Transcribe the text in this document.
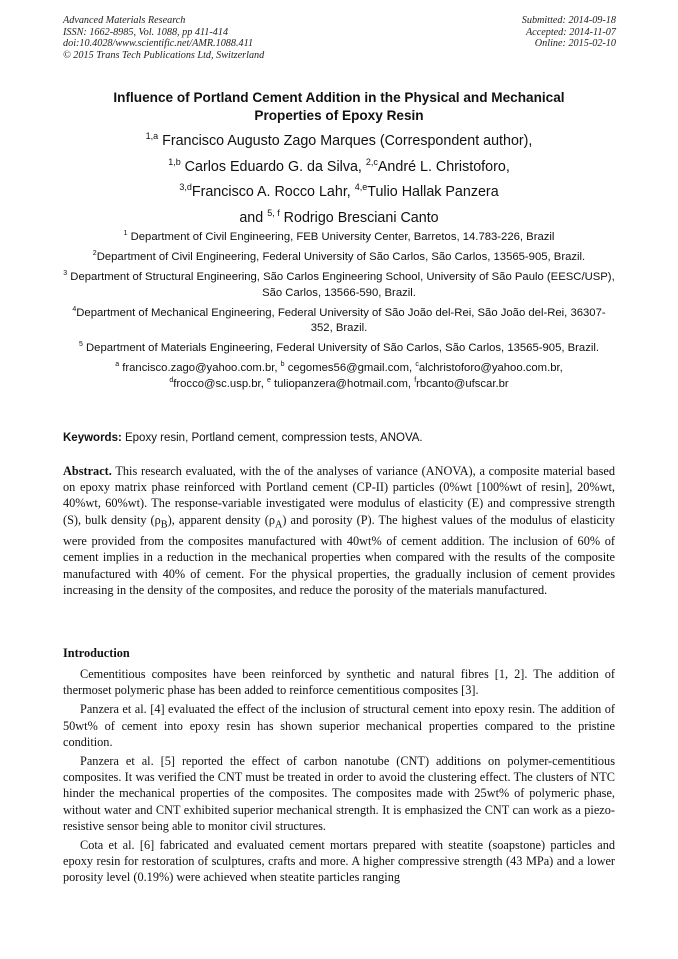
Advanced Materials Research
ISSN: 1662-8985, Vol. 1088, pp 411-414
doi:10.4028/www.scientific.net/AMR.1088.411
© 2015 Trans Tech Publications Ltd, Switzerland
Submitted: 2014-09-18
Accepted: 2014-11-07
Online: 2015-02-10
Influence of Portland Cement Addition in the Physical and Mechanical
Properties of Epoxy Resin
$^{1,a}$ Francisco Augusto Zago Marques (Correspondent author),
$^{1,b}$ Carlos Eduardo G. da Silva, $^{2,c}$André L. Christoforo,
$^{3,d}$Francisco A. Rocco Lahr, $^{4,e}$Tulio Hallak Panzera
and $^{5, f}$ Rodrigo Bresciani Canto
$^1$ Department of Civil Engineering, FEB University Center, Barretos, 14.783-226, Brazil
$^2$Department of Civil Engineering, Federal University of São Carlos, São Carlos, 13565-905, Brazil.
$^3$ Department of Structural Engineering, São Carlos Engineering School, University of São Paulo (EESC/USP), São Carlos, 13566-590, Brazil.
$^4$Department of Mechanical Engineering, Federal University of São João del-Rei, São João del-Rei, 36307-352, Brazil.
$^5$ Department of Materials Engineering, Federal University of São Carlos, São Carlos, 13565-905, Brazil.
$^a$ francisco.zago@yahoo.com.br, $^b$ cegomes56@gmail.com, $^c$alchristoforo@yahoo.com.br,
$^d$frocco@sc.usp.br, $^e$ tuliopanzera@hotmail.com, $^f$rbcanto@ufscar.br
Keywords: Epoxy resin, Portland cement, compression tests, ANOVA.
Abstract. This research evaluated, with the of the analyses of variance (ANOVA), a composite material based on epoxy matrix phase reinforced with Portland cement (CP-II) particles (0%wt [100%wt of resin], 20%wt, 40%wt, 60%wt). The response-variable investigated were modulus of elasticity (E) and compressive strength (S), bulk density $(\rho_B)$, apparent density $(\rho_A)$ and porosity (P). The highest values of the modulus of elasticity were provided from the composites manufactured with 40wt% of cement addition. The inclusion of 60% of cement implies in a reduction in the mechanical properties when compared with the results of the composite manufactured with 40% of cement. For the physical properties, the gradually inclusion of cement provides increasing in the density of the composites, and reduce the porosity of the materials manufactured.
Introduction

Cementitious composites have been reinforced by synthetic and natural fibres [1, 2]. The addition of thermoset polymeric phase has been added to reinforce cementitious composites [3].

Panzera et al. [4] evaluated the effect of the inclusion of structural cement into epoxy resin. The addition of 50wt% of cement into epoxy resin has shown superior mechanical properties compared to the pristine condition.

Panzera et al. [5] reported the effect of carbon nanotube (CNT) additions on polymer-cementitious composites. It was verified the CNT must be treated in order to avoid the clustering effect. The clusters of NTC hinder the mechanical properties of the composites. The composites made with 25wt% of polymeric phase, without water and CNT exhibited superior mechanical strength. It is emphasized the CNT can work as a piezo-resistive sensor being able to monitor civil structures.

Cota et al. [6] fabricated and evaluated cement mortars prepared with steatite (soapstone) particles and epoxy resin for restoration of sculptures, crafts and more. A higher compressive strength (43 MPa) and a lower porosity level (0.19%) were achieved when steatite particles ranging
